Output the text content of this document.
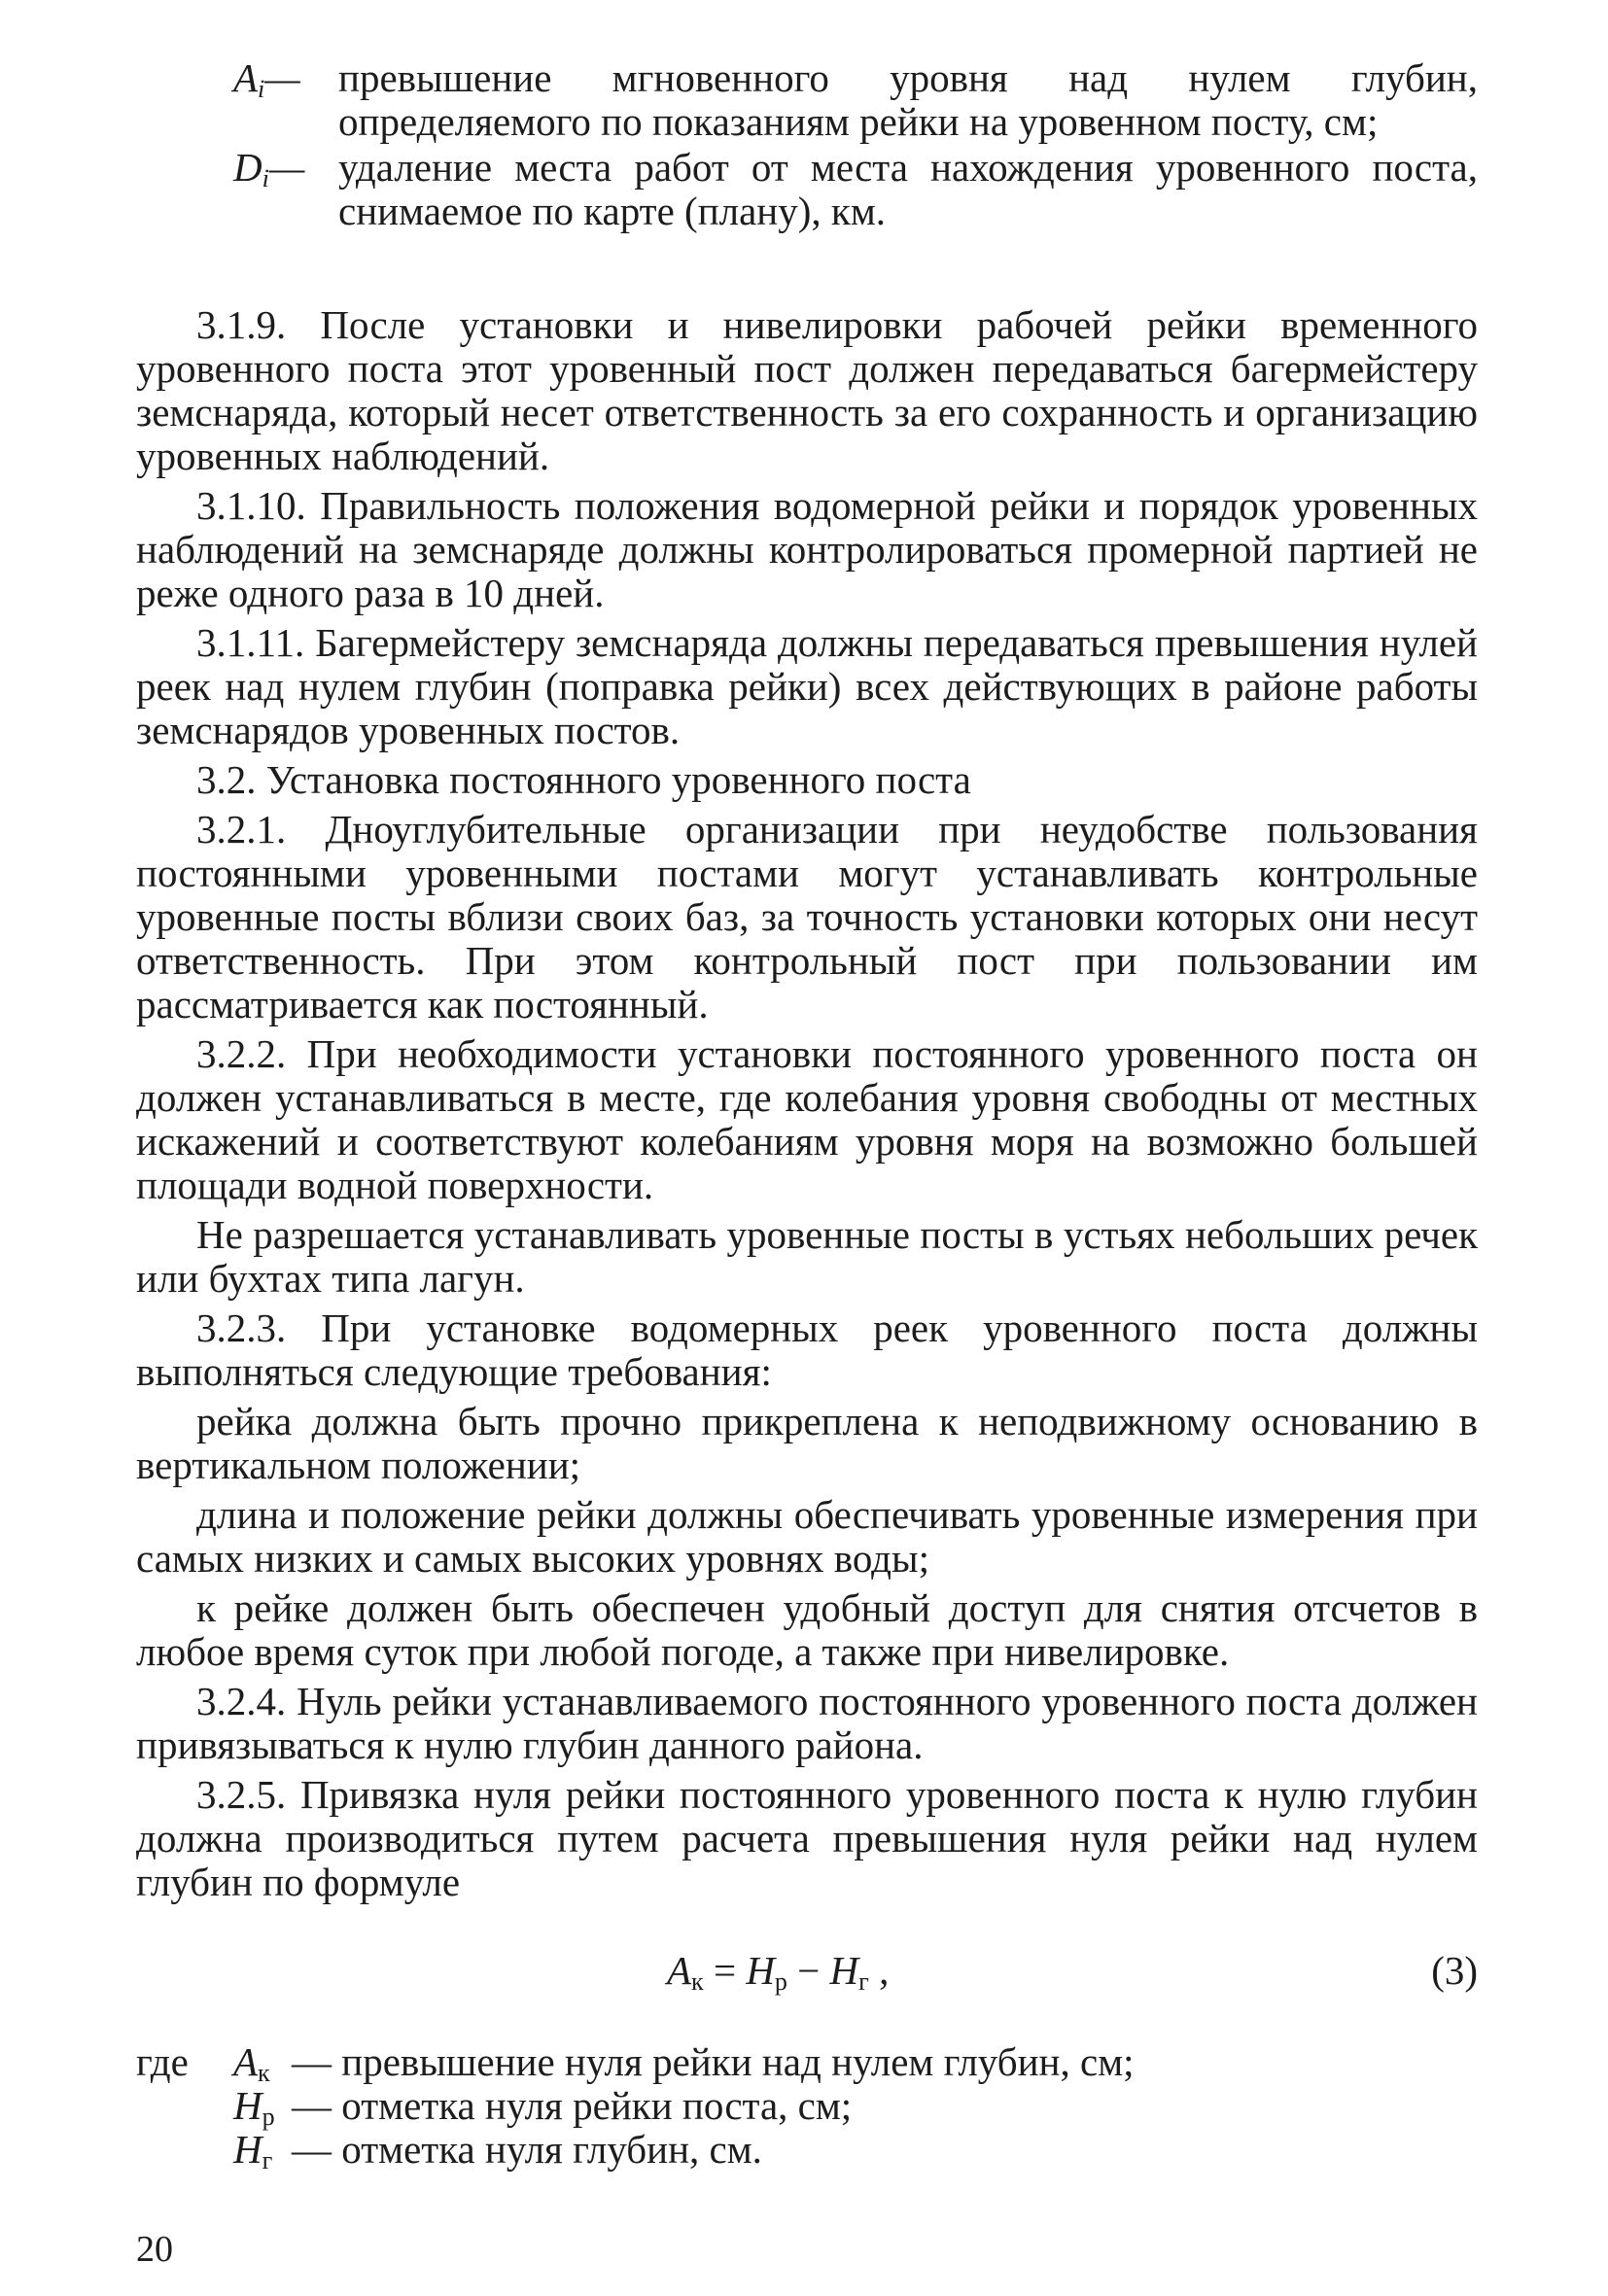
$A_i—$ превышение мгновенного уровня над нулем глубин, определяемого по показаниям рейки на уровенном посту, см;
$D_i—$ удаление места работ от места нахождения уровенного поста, снимаемое по карте (плану), км.

3.1.9. После установки и нивелировки рабочей рейки временного уровенного поста этот уровенный пост должен передаваться багермейстеру земснаряда, который несет ответственность за его сохранность и организацию уровенных наблюдений.

3.1.10. Правильность положения водомерной рейки и порядок уровенных наблюдений на земснаряде должны контролироваться промерной партией не реже одного раза в 10 дней.

3.1.11. Багермейстеру земснаряда должны передаваться превышения нулей реек над нулем глубин (поправка рейки) всех действующих в районе работы земснарядов уровенных постов.

3.2. Установка постоянного уровенного поста

3.2.1. Дноуглубительные организации при неудобстве пользования постоянными уровенными постами могут устанавливать контрольные уровенные посты вблизи своих баз, за точность установки которых они несут ответственность. При этом контрольный пост при пользовании им рассматривается как постоянный.

3.2.2. При необходимости установки постоянного уровенного поста он должен устанавливаться в месте, где колебания уровня свободны от местных искажений и соответствуют колебаниям уровня моря на возможно большей площади водной поверхности.

Не разрешается устанавливать уровенные посты в устьях небольших речек или бухтах типа лагун.

3.2.3. При установке водомерных реек уровенного поста должны выполняться следующие требования:

рейка должна быть прочно прикреплена к неподвижному основанию в вертикальном положении;

длина и положение рейки должны обеспечивать уровенные измерения при самых низких и самых высоких уровнях воды;

к рейке должен быть обеспечен удобный доступ для снятия отсчетов в любое время суток при любой погоде, а также при нивелировке.

3.2.4. Нуль рейки устанавливаемого постоянного уровенного поста должен привязываться к нулю глубин данного района.

3.2.5. Привязка нуля рейки постоянного уровенного поста к нулю глубин должна производиться путем расчета превышения нуля рейки над нулем глубин по формуле

$A_к = H_р - H_г$ ,	(3)
где $A_к$ — превышение нуля рейки над нулем глубин, см;
$H_р$ — отметка нуля рейки поста, см;
$H_г$ — отметка нуля глубин, см.
20
